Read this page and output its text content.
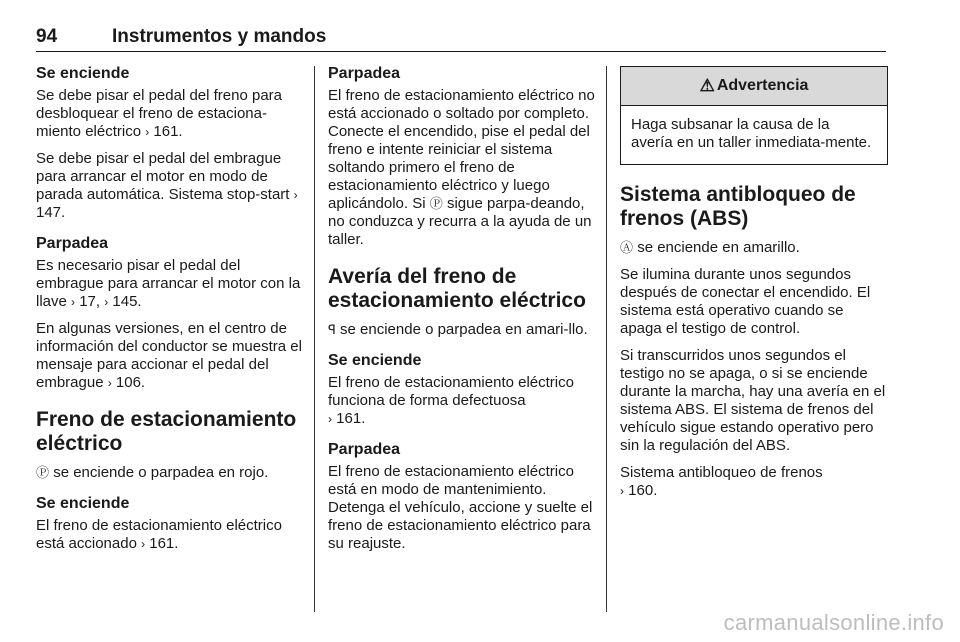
94	Instrumentos y mandos
Se enciende

Se debe pisar el pedal del freno para desbloquear el freno de estaciona-miento eléctrico › 161.

Se debe pisar el pedal del embrague para arrancar el motor en modo de parada automática. Sistema stop-start › 147.

Parpadea

Es necesario pisar el pedal del embrague para arrancar el motor con la llave › 17, › 145.

En algunas versiones, en el centro de información del conductor se muestra el mensaje para accionar el pedal del embrague › 106.

Freno de estacionamiento eléctrico

Ⓟ se enciende o parpadea en rojo.

Se enciende

El freno de estacionamiento eléctrico está accionado › 161.

Parpadea

El freno de estacionamiento eléctrico no está accionado o soltado por completo. Conecte el encendido, pise el pedal del freno e intente reiniciar el sistema soltando primero el freno de estacionamiento eléctrico y luego aplicándolo. Si Ⓟ sigue parpa-deando, no conduzca y recurra a la ayuda de un taller.

Avería del freno de estacionamiento eléctrico

ꟼ se enciende o parpadea en amari-llo.

Se enciende

El freno de estacionamiento eléctrico funciona de forma defectuosa
› 161.

Parpadea

El freno de estacionamiento eléctrico está en modo de mantenimiento. Detenga el vehículo, accione y suelte el freno de estacionamiento eléctrico para su reajuste.

⚠ Advertencia
Haga subsanar la causa de la avería en un taller inmediata-mente.
Sistema antibloqueo de frenos (ABS)

Ⓐ se enciende en amarillo.

Se ilumina durante unos segundos después de conectar el encendido. El sistema está operativo cuando se apaga el testigo de control.

Si transcurridos unos segundos el testigo no se apaga, o si se enciende durante la marcha, hay una avería en el sistema ABS. El sistema de frenos del vehículo sigue estando operativo pero sin la regulación del ABS.

Sistema antibloqueo de frenos
› 160.

carmanualsonline.info
